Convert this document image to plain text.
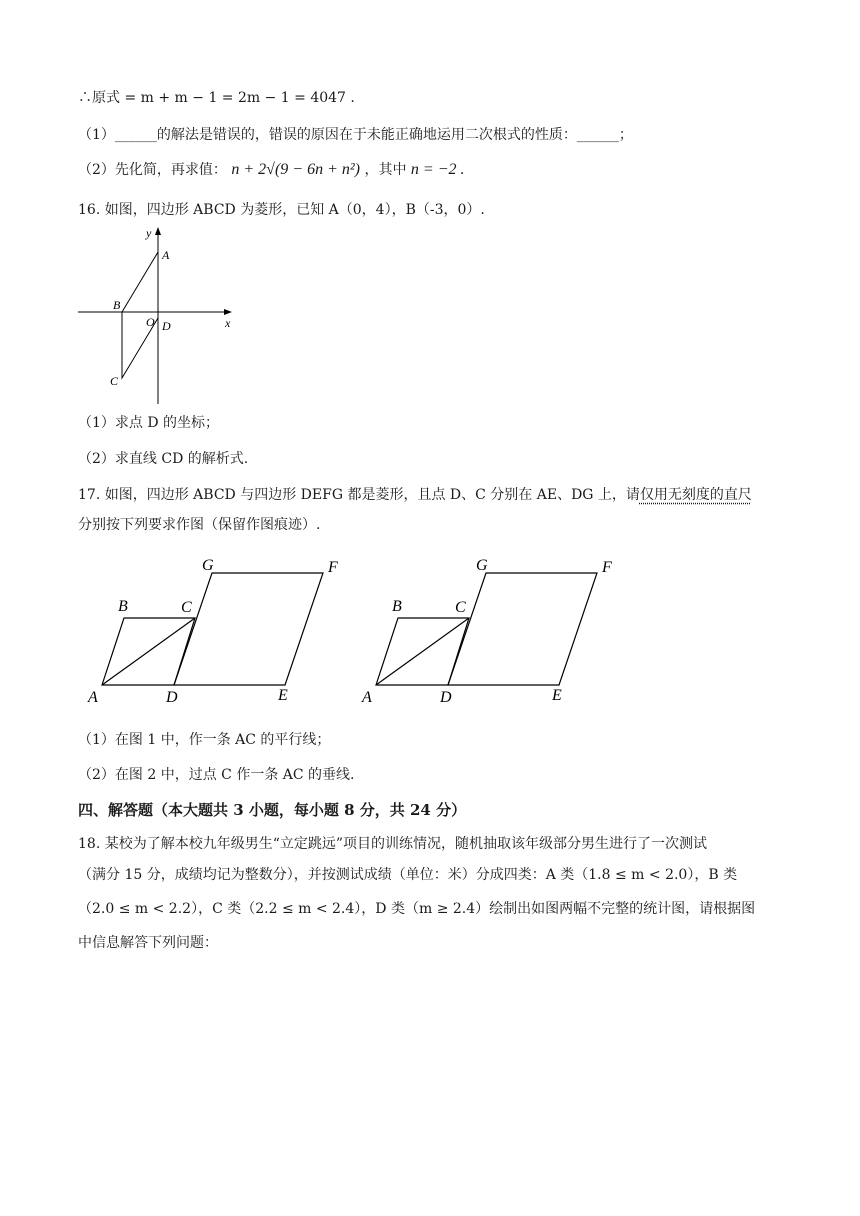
∴原式 = m + m − 1 = 2m − 1 = 4047 .
（1）______的解法是错误的，错误的原因在于未能正确地运用二次根式的性质：______；
（2）先化简，再求值： n + 2√(9 − 6n + n²) ，其中 n = −2 .
16. 如图，四边形 ABCD 为菱形，已知 A（0，4），B（-3，0）.
y
x
A
B
O D
C
（1）求点 D 的坐标；
（2）求直线 CD 的解析式.
17. 如图，四边形 ABCD 与四边形 DEFG 都是菱形，且点 D、C 分别在 AE、DG 上，请仅用无刻度的直尺
分别按下列要求作图（保留作图痕迹）.
A
B	C
D	E
F
G
A
B	C
D	E
F
G
（1）在图 1 中，作一条 AC 的平行线；
（2）在图 2 中，过点 C 作一条 AC 的垂线.
四、解答题（本大题共 3 小题，每小题 8 分，共 24 分）
18. 某校为了解本校九年级男生“立定跳远”项目的训练情况，随机抽取该年级部分男生进行了一次测试
（满分 15 分，成绩均记为整数分），并按测试成绩（单位：米）分成四类：A 类（1.8 ≤ m < 2.0），B 类
（2.0 ≤ m < 2.2），C 类（2.2 ≤ m < 2.4），D 类（m ≥ 2.4）绘制出如图两幅不完整的统计图，请根据图
中信息解答下列问题：
